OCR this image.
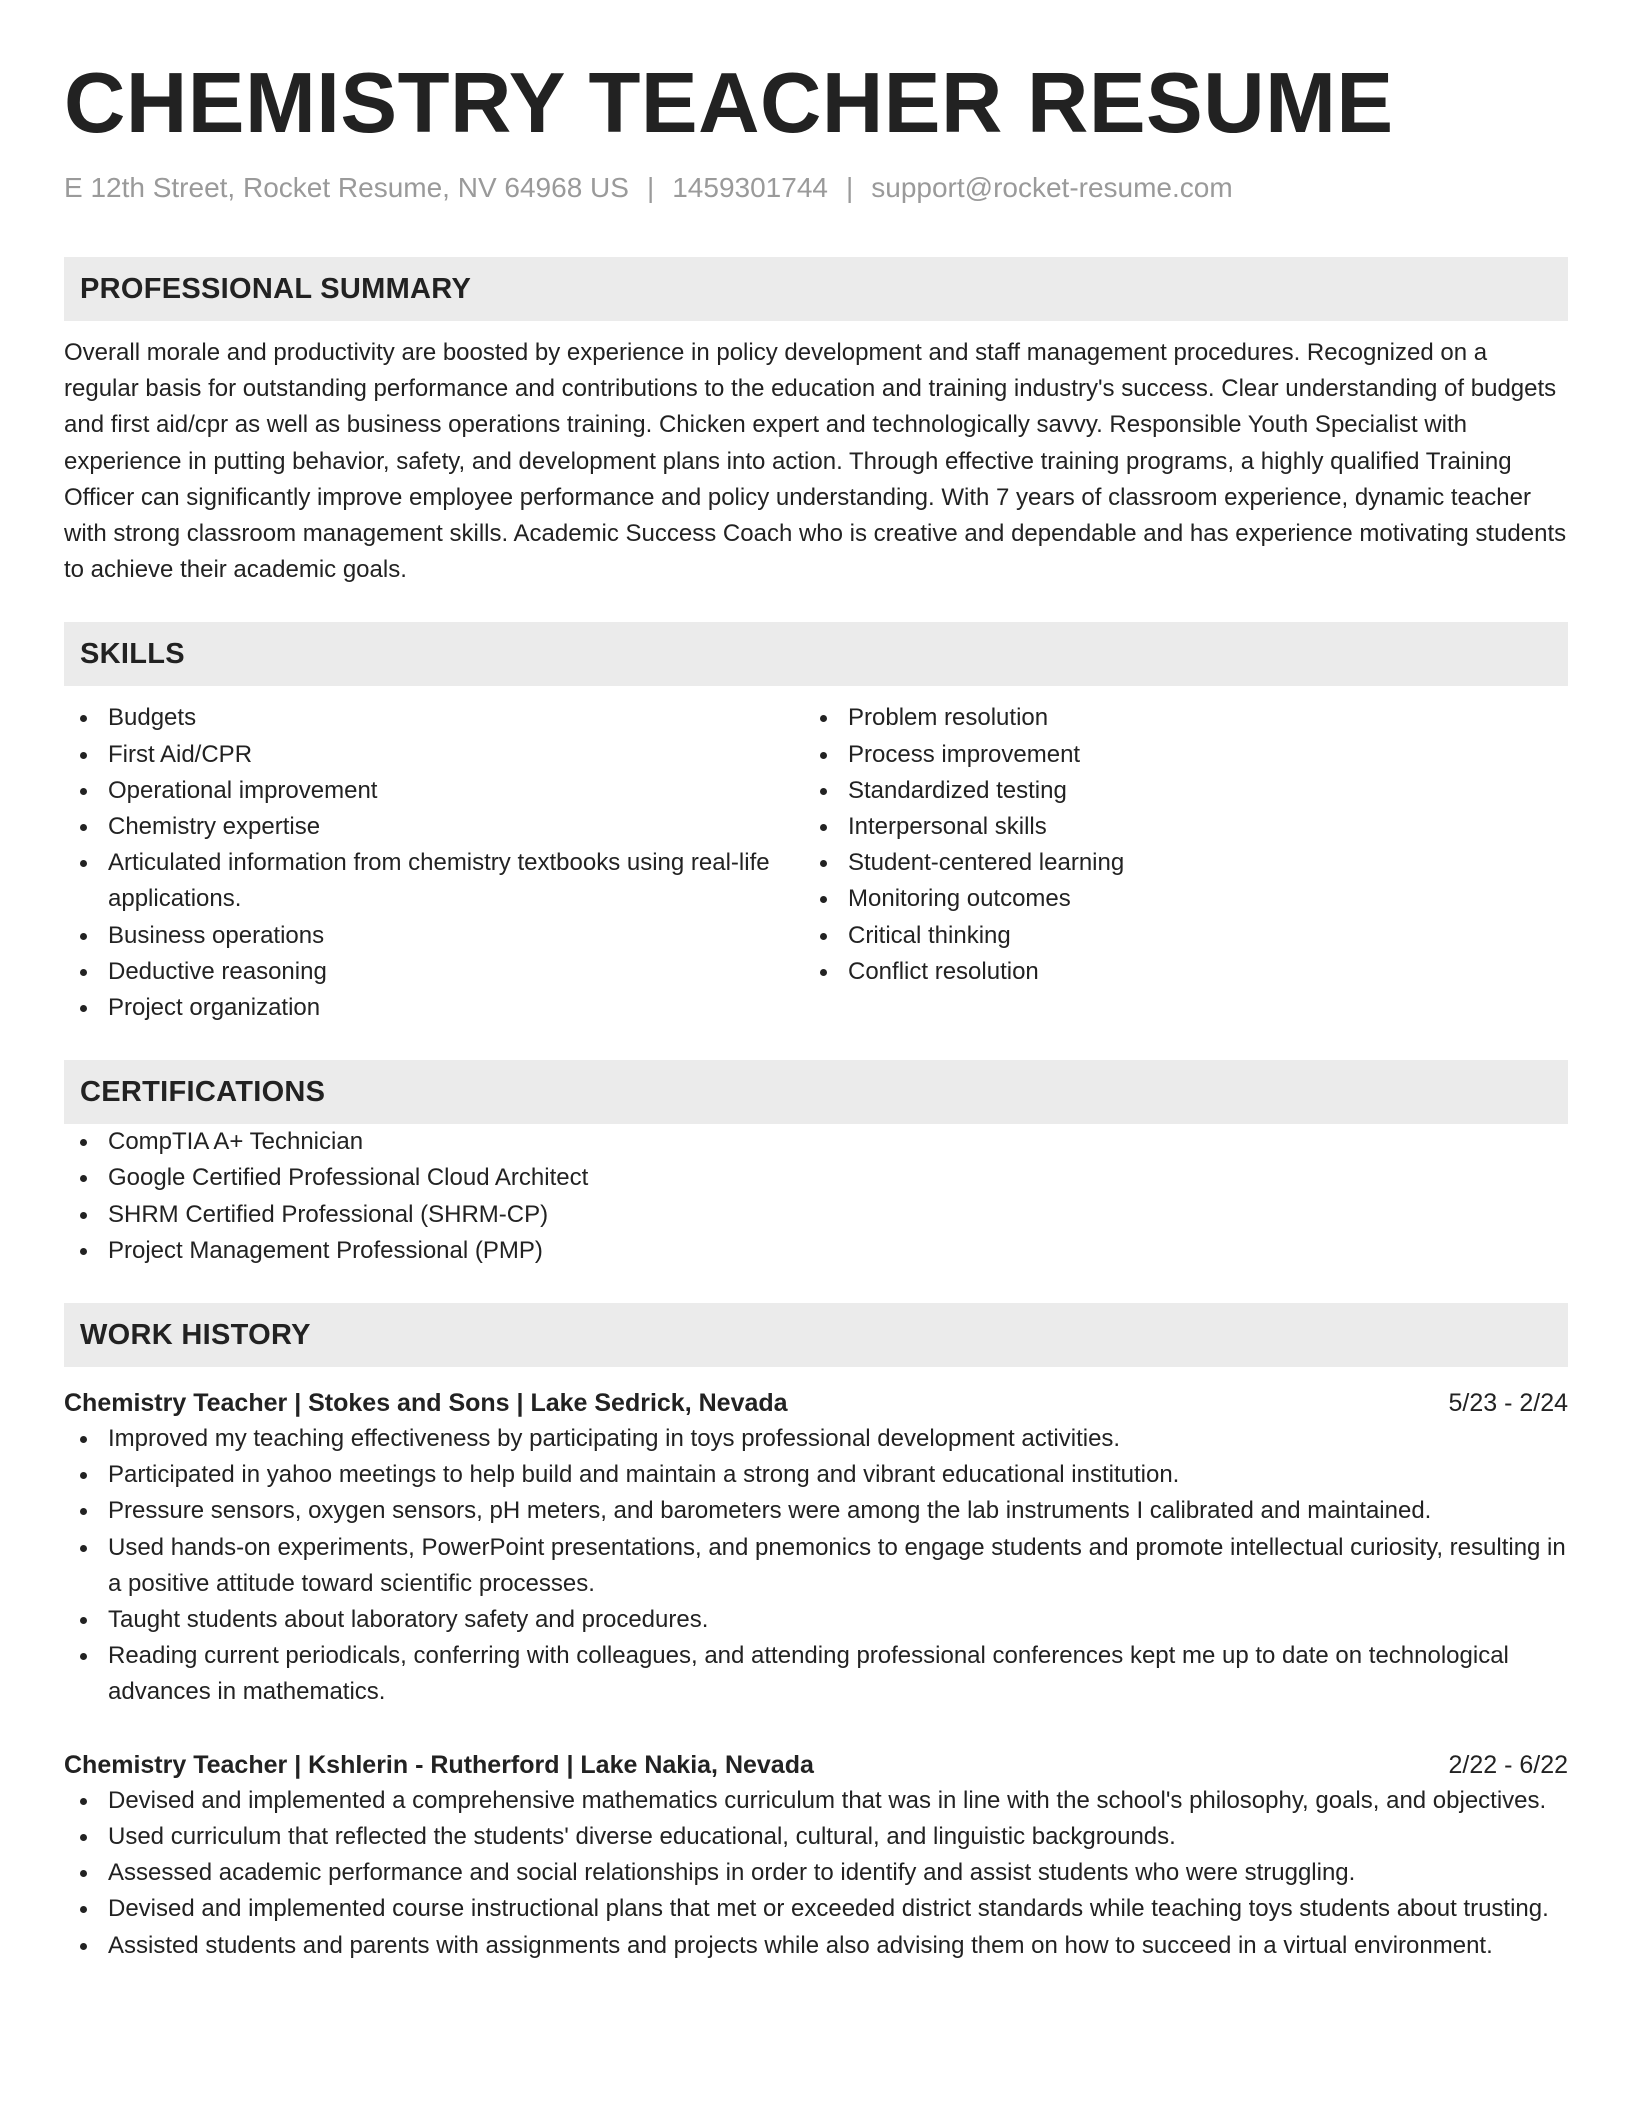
CHEMISTRY TEACHER RESUME
E 12th Street, Rocket Resume, NV 64968 US | 1459301744 | support@rocket-resume.com
PROFESSIONAL SUMMARY
Overall morale and productivity are boosted by experience in policy development and staff management procedures. Recognized on a regular basis for outstanding performance and contributions to the education and training industry's success. Clear understanding of budgets and first aid/cpr as well as business operations training. Chicken expert and technologically savvy. Responsible Youth Specialist with experience in putting behavior, safety, and development plans into action. Through effective training programs, a highly qualified Training Officer can significantly improve employee performance and policy understanding. With 7 years of classroom experience, dynamic teacher with strong classroom management skills. Academic Success Coach who is creative and dependable and has experience motivating students to achieve their academic goals.
SKILLS
Budgets
First Aid/CPR
Operational improvement
Chemistry expertise
Articulated information from chemistry textbooks using real-life applications.
Business operations
Deductive reasoning
Project organization
Problem resolution
Process improvement
Standardized testing
Interpersonal skills
Student-centered learning
Monitoring outcomes
Critical thinking
Conflict resolution
CERTIFICATIONS
CompTIA A+ Technician
Google Certified Professional Cloud Architect
SHRM Certified Professional (SHRM-CP)
Project Management Professional (PMP)
WORK HISTORY
Chemistry Teacher | Stokes and Sons | Lake Sedrick, Nevada	5/23 - 2/24
Improved my teaching effectiveness by participating in toys professional development activities.
Participated in yahoo meetings to help build and maintain a strong and vibrant educational institution.
Pressure sensors, oxygen sensors, pH meters, and barometers were among the lab instruments I calibrated and maintained.
Used hands-on experiments, PowerPoint presentations, and pnemonics to engage students and promote intellectual curiosity, resulting in a positive attitude toward scientific processes.
Taught students about laboratory safety and procedures.
Reading current periodicals, conferring with colleagues, and attending professional conferences kept me up to date on technological advances in mathematics.
Chemistry Teacher | Kshlerin - Rutherford | Lake Nakia, Nevada	2/22 - 6/22
Devised and implemented a comprehensive mathematics curriculum that was in line with the school's philosophy, goals, and objectives.
Used curriculum that reflected the students' diverse educational, cultural, and linguistic backgrounds.
Assessed academic performance and social relationships in order to identify and assist students who were struggling.
Devised and implemented course instructional plans that met or exceeded district standards while teaching toys students about trusting.
Assisted students and parents with assignments and projects while also advising them on how to succeed in a virtual environment.
